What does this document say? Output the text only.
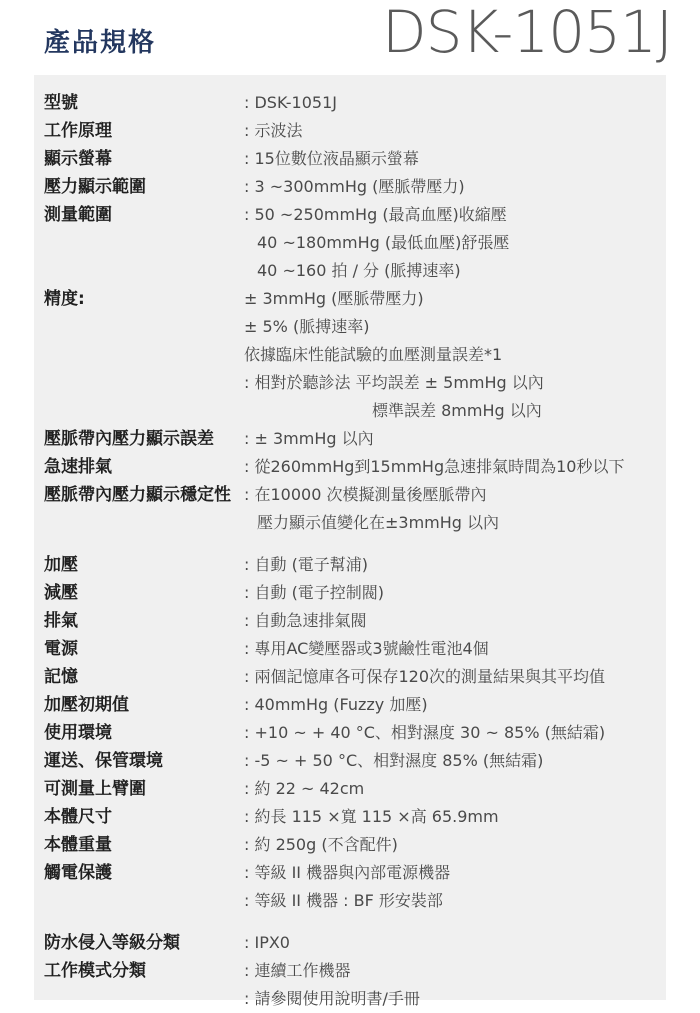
產品規格	DSK-1051J
型號	: DSK-1051J
工作原理	: 示波法
顯示螢幕	: 15位數位液晶顯示螢幕
壓力顯示範圍	: 3 ~300mmHg (壓脈帶壓力)
測量範圍	: 50 ~250mmHg (最高血壓)收縮壓
40 ~180mmHg (最低血壓)舒張壓
40 ~160 拍 / 分 (脈搏速率)
精度:	± 3mmHg (壓脈帶壓力)
± 5% (脈搏速率)
依據臨床性能試驗的血壓測量誤差*1
: 相對於聽診法 平均誤差 ± 5mmHg 以內
標準誤差 8mmHg 以內
壓脈帶內壓力顯示誤差 : ± 3mmHg 以內
急速排氣	: 從260mmHg到15mmHg急速排氣時間為10秒以下
壓脈帶內壓力顯示穩定性 : 在10000 次模擬測量後壓脈帶內
壓力顯示值變化在±3mmHg 以內
加壓	: 自動 (電子幫浦)
減壓	: 自動 (電子控制閥)
排氣	: 自動急速排氣閥
電源	: 專用AC變壓器或3號鹼性電池4個
記憶	: 兩個記憶庫各可保存120次的測量結果與其平均值
加壓初期值	: 40mmHg (Fuzzy 加壓)
使用環境	: +10 ~ + 40 °C、相對濕度 30 ~ 85% (無結霜)
運送、保管環境	: -5 ~ + 50 °C、相對濕度 85% (無結霜)
可測量上臂圍	: 約 22 ~ 42cm
本體尺寸	: 約長 115 ×寬 115 ×高 65.9mm
本體重量	: 約 250g (不含配件)
觸電保護	: 等級 II 機器與內部電源機器
: 等級 II 機器 : BF 形安裝部
防水侵入等級分類	: IPX0
工作模式分類	: 連續工作機器
: 請參閱使用說明書/手冊
